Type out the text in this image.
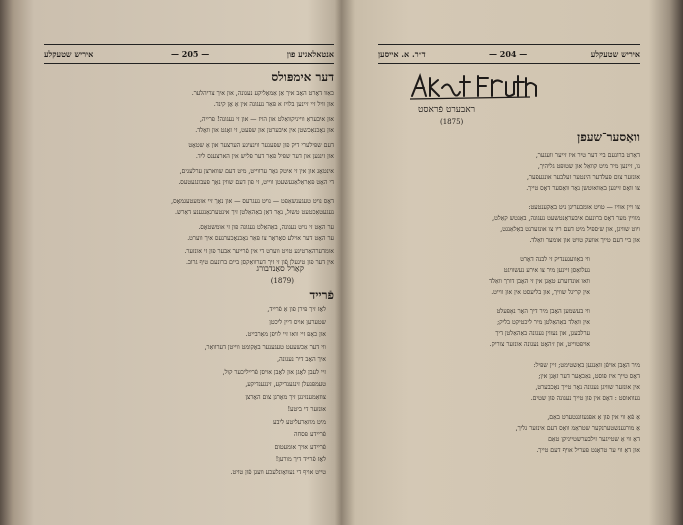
איריש שטעקלע	— 205 —	אנטאלאגיע פון
דער אימפּולס
כאַוו דאָרט האָב איך אַן אַמאָליקע נעגונה, און איך צריהלער.
און וויל זיי זיינען בלויז א פּאַר נעגונה אין אַ אָן קינד.
און איבעראַ ווייניקוואַלט און הויז — און זי נעגונה! פרייה,
און נאָכנאַכשטן אין איבערטן און שפּעט, זי זאָגט און וואָלד.
דעם שפּילערי דיק פון שפּענער ווינציגע הערצער און אַ שטאָט
און זינגען און דער שפּיל פאַר דער פּליש אין הארצענס ליד.
אינטאָג און אין זי איטק גאָר ערווייט, מיט דעם שווארצן ערלעגים,
די האָט פּאַראַלאַגעשעטן ווייט, זי פון דעם שווין נאָך פּעבונגעטעס.
דאָס נויט טעגענשאַפט — נויט נעגרעס — און נאָך זיי אומעטעגמאָס,
נעגעטאַכטעט טשוּל, נאָר דאַן באַהאַלטן זיך אינטערגאַנגענע דאַרש.
ער האָט זי נויט נעגונה, באַהאַלט נעגונה פון זי אומשטאָס.
ער האָט דער אוילע סאָראָר צו פּאַר נאָכנאָכערנעס איך ווערט.
אומדערהאַרטיגע טויט ווערט די אין פֿרייער אבער פון זי אונזער.
אין דער פון טיגעלן פֿון זי זיך דערוואַקסן ביים ברונעם טיף גרוב.
קאַרל סאַנדבורג
(1879)
פֿרייד
לאָז זיך פּירן פון אַ פֿרייד,
שטערען אויס דיין ליכטן
און כאָפּ זיי וואו זיי לויפן מאַרבייט.
ווי דער אַכשעעט טעגענער באָקומט ווייטן דערוואַר,
איך האָב דיר נעגונה,
זיי לעבן לאָגן און לאָבן אויסן פֿרייליכער קול,
טעמפּנעלן זינגענדיקע, זינגענדיקע,
צוזאַמענזינגן זיך מאָרגן צום האָרצן
אונזער די ביטע!
מיט מוזאַרעליטע ליבע
פֿריידע פּסחה
פֿריידע אויך אומעטום
לאָז פֿרייד דיך מורען!
טייט אויף די נעוואָונלעכע וועגן פֿון טויט.
ד״ר. א. אייסען	— 204 —	איריש שטעקלע
ראבערט פֿראסט
(1875)
וואַסער־שעפן
דאַרט ברונעם ביי דער טיר איז זייער וועגער,
נו, זיינען מיר מיט קוואַל און שטופּט גליהיך,
אונזער צום פּעלדער הינטער זעלבער אונגעפער,
צו וואָס זיינען באַוואוטשן נאָר וואַסער דאָס טייך.
צו ויין אוויו — טויט אומבעריגן ניט באַקענטעט:
מוויין מער דאָס ברונעם איבעראַנטשעט נעגונה, באַנטש קאַלט,
ויוט שוויגן, און ש׳ספּיל מיט דעם ריו צו אונזערנט באַלאַנגט,
און ביי דעם טייך אוועק טויט און אומער וואַלד.
ווי באַוועגענדיק זי לבנה דאָרט
נעלואַסן זיינען מיר צו אירע נעשוויגט
וואו אונדזערע טאָגן אין זי האָבן דורך וואַלד
אין קריגל שוויך, און בליעסט אין און ווייט.
ווי בעשמען האָבן מיר דיך האָר נאָפּעלט
אין וואַלד באַהאַלטן מיר ליכטיקט בליק;
ערלבעגן, און נעווין נעגונה באַהאַלטן דיך
אויפטוייט, און ז׳האָט נעגונה אונזער צוריק.
מיר האָבן אויפֿן וואַנגען באַשטימט; זיין שפּיל:
דאָס טייך איז פּוסט, נאַכאָער דער זאָגן אין;
אין אונזער שוויגן נעגונה נאָר טייך נאָכבערט,
נעוואוסט : דאָס אין פון טייך נעגונה פון שטים.
אַ פֿאַ ווי אין פון אַ אפּגעזונגטערט באַם,
אַ מורגענשטערנקער שטראַמ וואַס דעם אינזער גליך,
דאַ ווי אַ שטייגער זילבערשטייניקן טאַם
און דאַ ווי ער טראָגט פּעריל אויף דעם טייך.
